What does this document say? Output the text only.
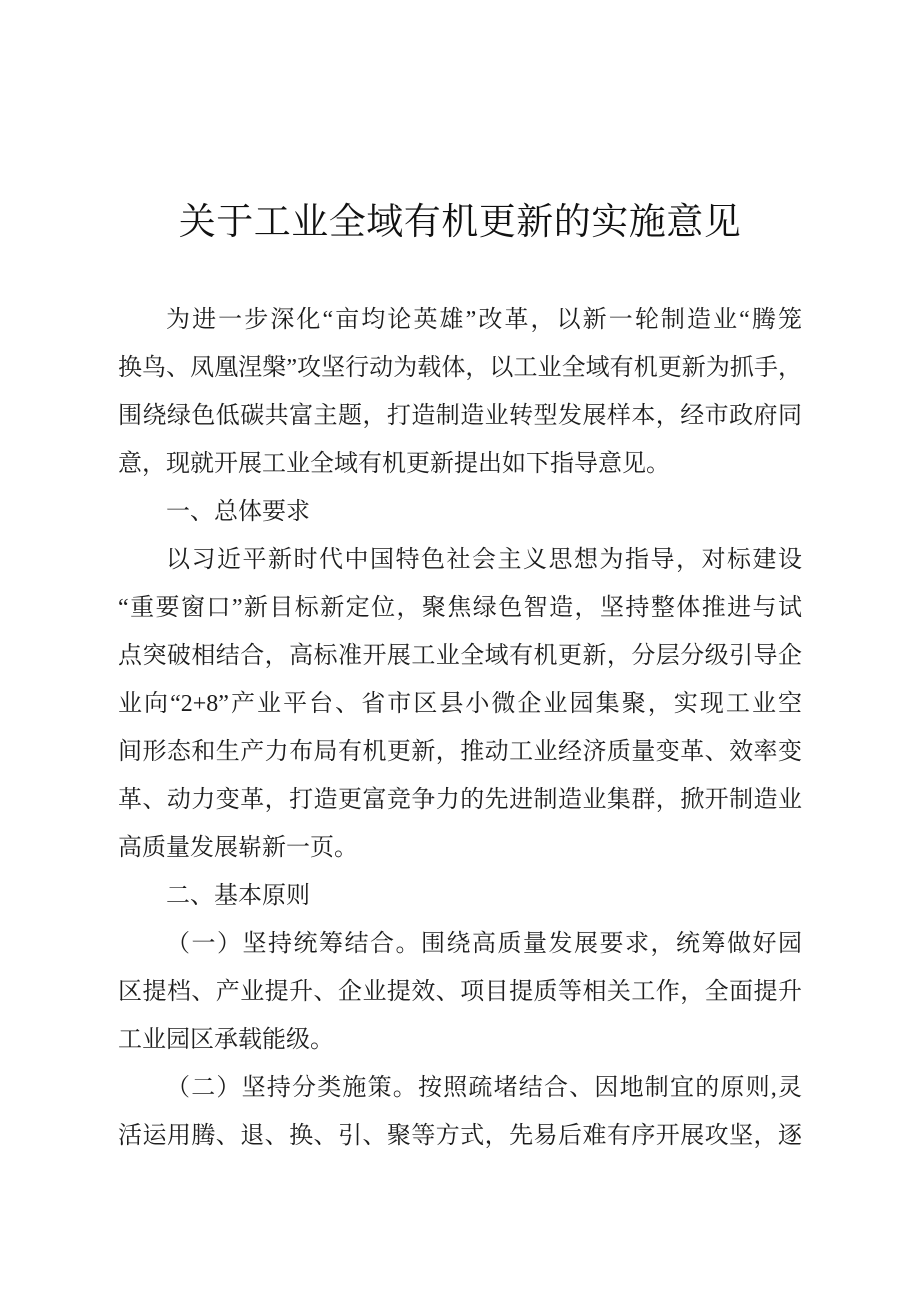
关于工业全域有机更新的实施意见
为进一步深化“亩均论英雄”改革，以新一轮制造业“腾笼
换鸟、凤凰涅槃”攻坚行动为载体，以工业全域有机更新为抓手，
围绕绿色低碳共富主题，打造制造业转型发展样本，经市政府同
意，现就开展工业全域有机更新提出如下指导意见。
一、总体要求
以习近平新时代中国特色社会主义思想为指导，对标建设
“重要窗口”新目标新定位，聚焦绿色智造，坚持整体推进与试
点突破相结合，高标准开展工业全域有机更新，分层分级引导企
业向“2+8”产业平台、省市区县小微企业园集聚，实现工业空
间形态和生产力布局有机更新，推动工业经济质量变革、效率变
革、动力变革，打造更富竞争力的先进制造业集群，掀开制造业
高质量发展崭新一页。
二、基本原则
（一）坚持统筹结合。围绕高质量发展要求，统筹做好园
区提档、产业提升、企业提效、项目提质等相关工作，全面提升
工业园区承载能级。
（二）坚持分类施策。按照疏堵结合、因地制宜的原则,灵
活运用腾、退、换、引、聚等方式，先易后难有序开展攻坚，逐
